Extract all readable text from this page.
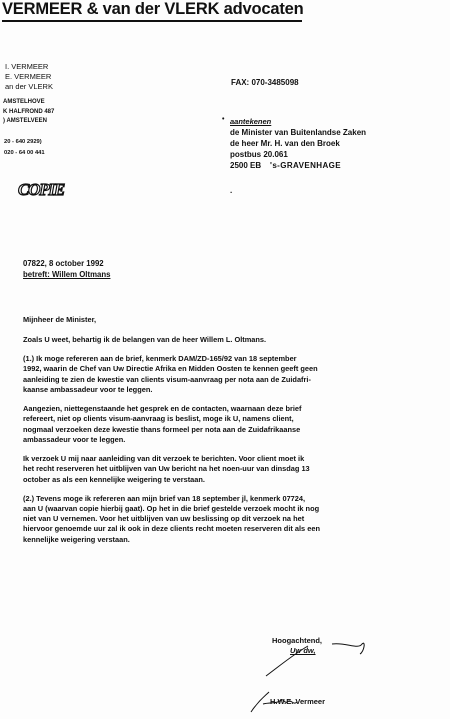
VERMEER & van der VLERK advocaten
I. VERMEER
E. VERMEER
an der VLERK
AMSTELHOVE
K HALFROND 487
) AMSTELVEEN
20 - 640 2929)
020 - 64 00 441
FAX: 070-3485098
• aantekenen
de Minister van Buitenlandse Zaken
de heer Mr. H. van den Broek
postbus 20.061
2500 EB 's-GRAVENHAGE
·
COPIE
07822, 8 october 1992
betreft: Willem Oltmans

Mijnheer de Minister,

Zoals U weet, behartig ik de belangen van de heer Willem L. Oltmans.

(1.) Ik moge refereren aan de brief, kenmerk DAM/ZD-165/92 van 18 september

1992, waarin de Chef van Uw Directie Afrika en Midden Oosten te kennen geeft geen

aanleiding te zien de kwestie van clients visum-aanvraag per nota aan de Zuidafri-

kaanse ambassadeur voor te leggen.

Aangezien, niettegenstaande het gesprek en de contacten, waarnaan deze brief

refereert, niet op clients visum-aanvraag is beslist, moge ik U, namens client,

nogmaal verzoeken deze kwestie thans formeel per nota aan de Zuidafrikaanse

ambassadeur voor te leggen.

Ik verzoek U mij naar aanleiding van dit verzoek te berichten. Voor client moet ik

het recht reserveren het uitblijven van Uw bericht na het noen-uur van dinsdag 13

october as als een kennelijke weigering te verstaan.

(2.) Tevens moge ik refereren aan mijn brief van 18 september jl, kenmerk 07724,

aan U (waarvan copie hierbij gaat). Op het in die brief gestelde verzoek mocht ik nog

niet van U vernemen. Voor het uitblijven van uw beslissing op dit verzoek na het

hiervoor genoemde uur zal ik ook in deze clients recht moeten reserveren dit als een

kennelijke weigering verstaan.

Hoogachtend,
Uw dw,
H.W.E. Vermeer
